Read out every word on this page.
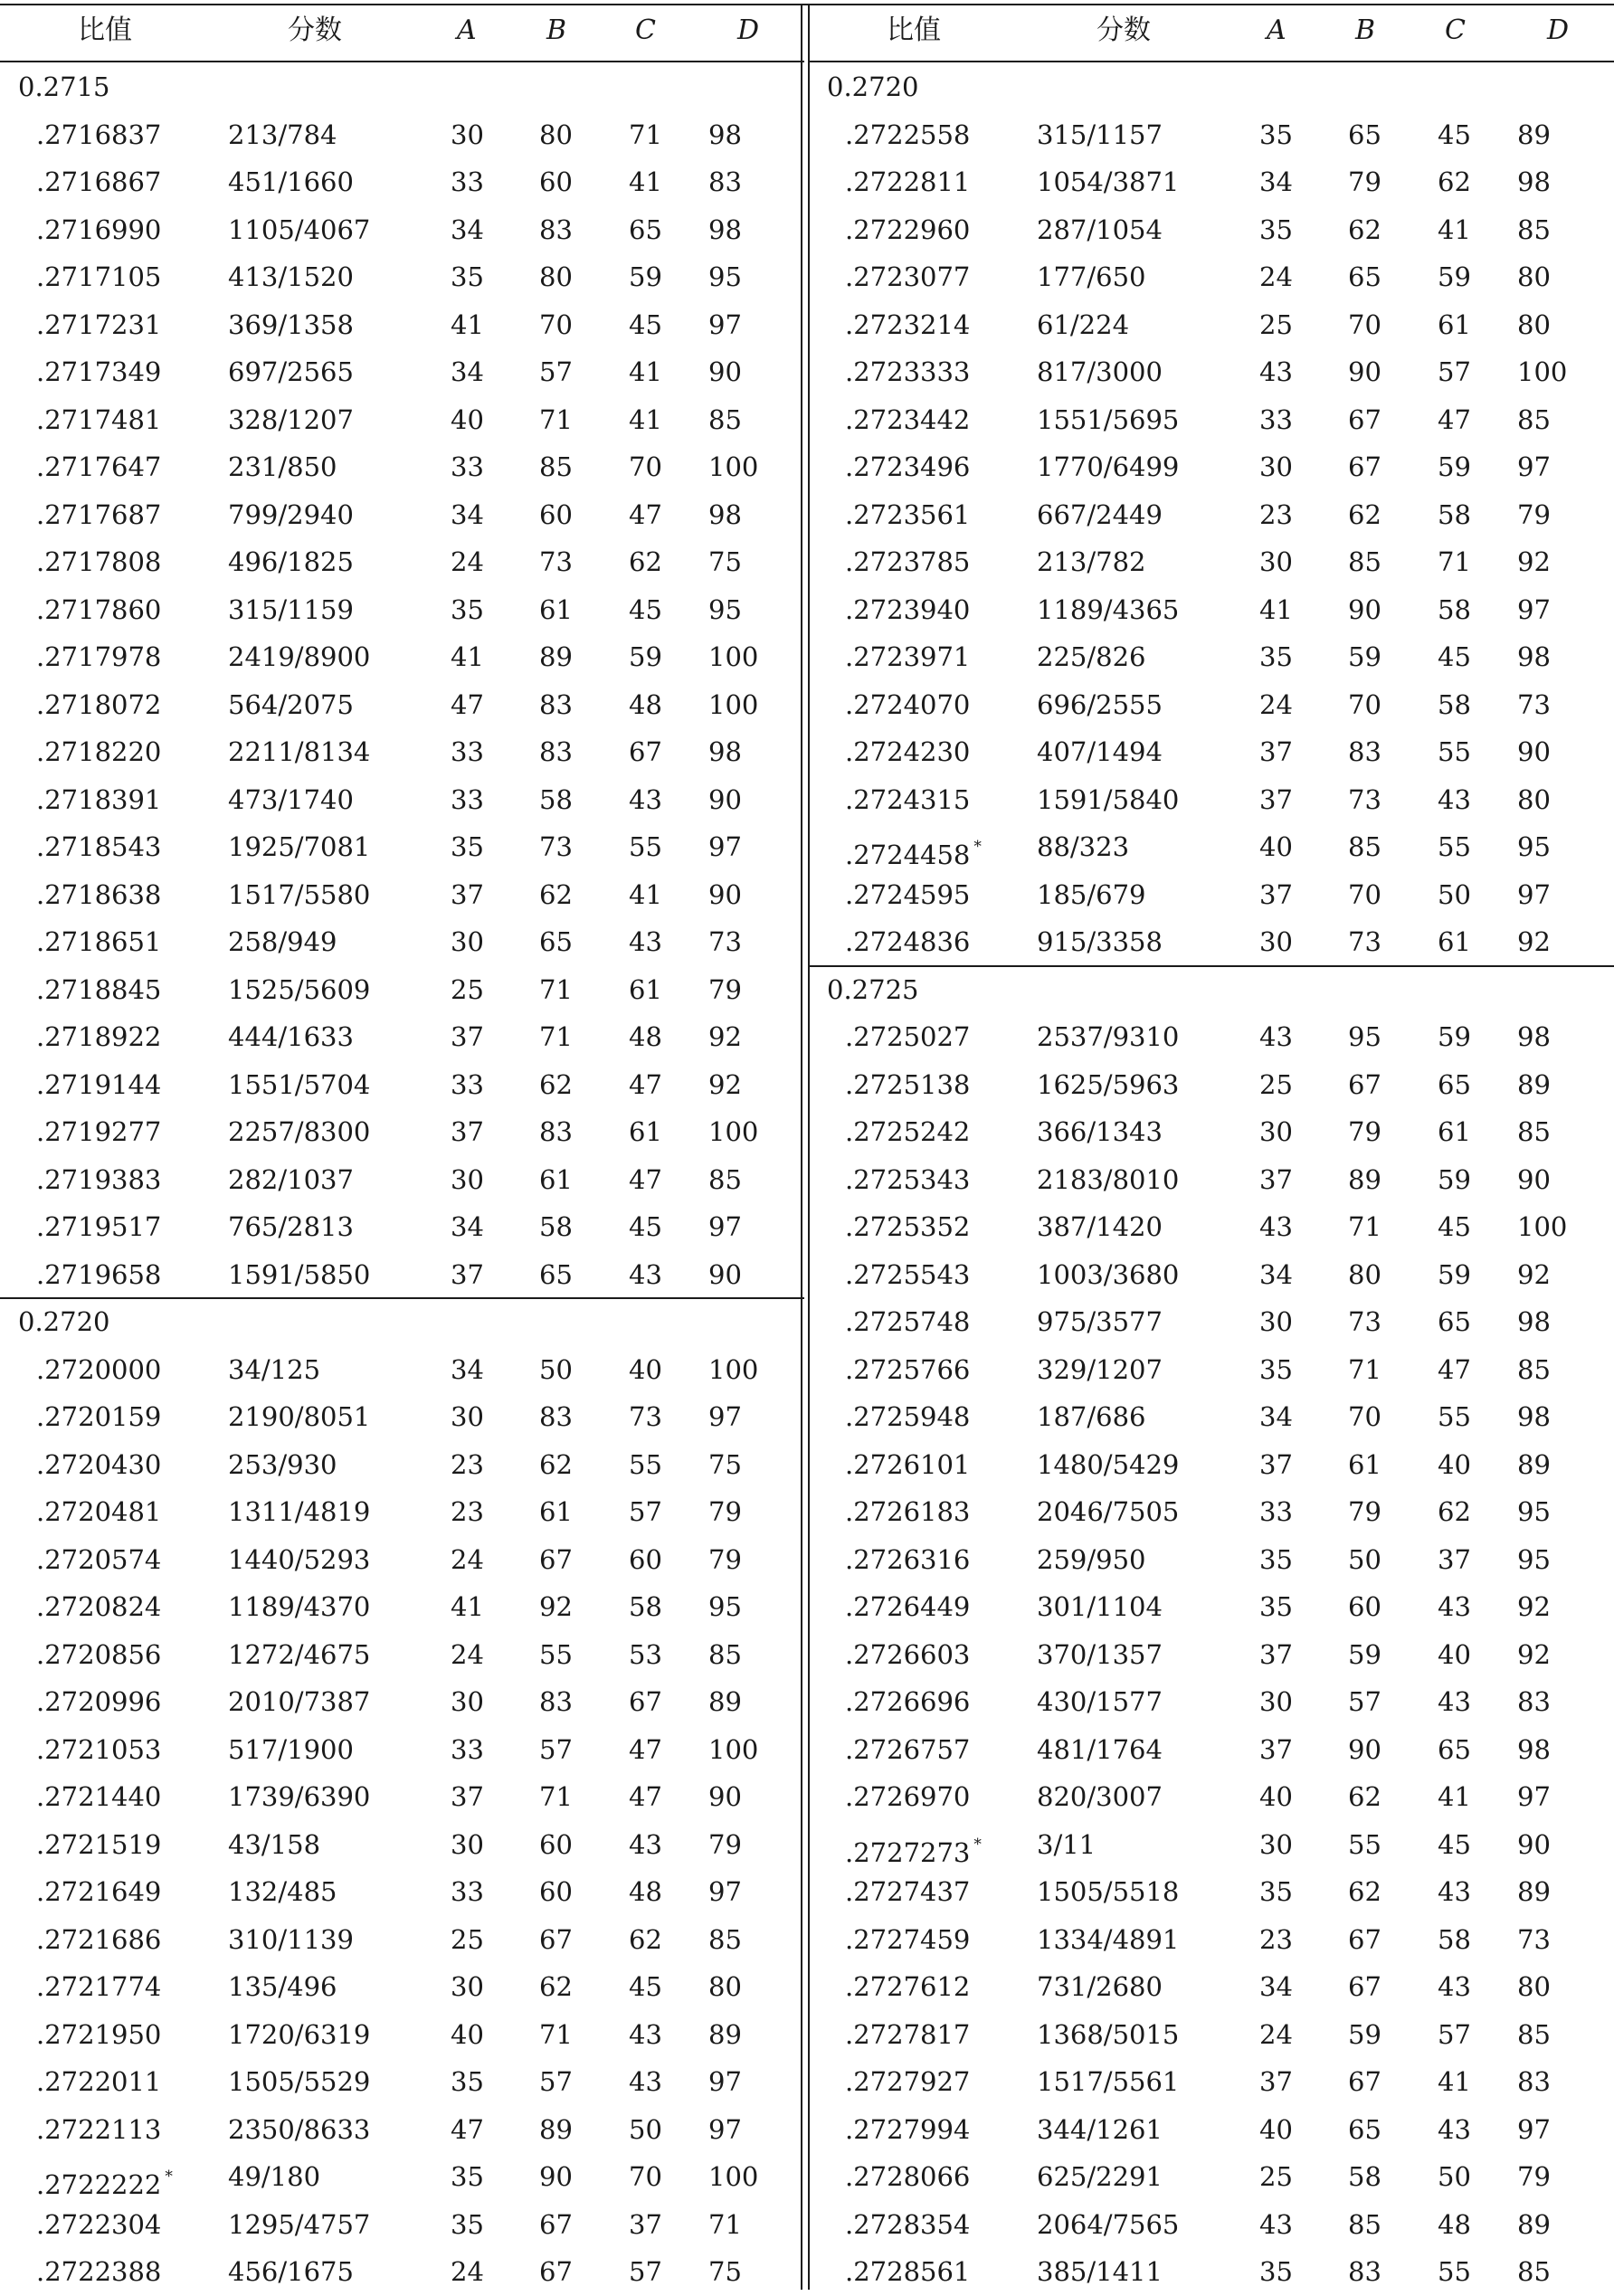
比值	分数	A	B	C	D	比值	分数	A	B	C	D
0.2715
.2716837	213/784	30 80 71 98
.2716867	451/1660	33 60 41 83
.2716990	1105/4067	34 83 65 98
.2717105	413/1520	35 80 59 95
.2717231	369/1358	41 70 45 97
.2717349	697/2565	34 57 41 90
.2717481	328/1207	40 71 41 85
.2717647	231/850	33 85 70 100
.2717687	799/2940	34 60 47 98
.2717808	496/1825	24 73 62 75
.2717860	315/1159	35 61 45 95
.2717978	2419/8900	41 89 59 100
.2718072	564/2075	47 83 48 100
.2718220	2211/8134	33 83 67 98
.2718391	473/1740	33 58 43 90
.2718543	1925/7081	35 73 55 97
.2718638	1517/5580	37 62 41 90
.2718651	258/949	30 65 43 73
.2718845	1525/5609	25 71 61 79
.2718922	444/1633	37 71 48 92
.2719144	1551/5704	33 62 47 92
.2719277	2257/8300	37 83 61 100
.2719383	282/1037	30 61 47 85
.2719517	765/2813	34 58 45 97
.2719658	1591/5850	37 65 43 90
0.2720
.2720000	34/125	34 50 40 100
.2720159	2190/8051	30 83 73 97
.2720430	253/930	23 62 55 75
.2720481	1311/4819	23 61 57 79
.2720574	1440/5293	24 67 60 79
.2720824	1189/4370	41 92 58 95
.2720856	1272/4675	24 55 53 85
.2720996	2010/7387	30 83 67 89
.2721053	517/1900	33 57 47 100
.2721440	1739/6390	37 71 47 90
.2721519	43/158	30 60 43 79
.2721649	132/485	33 60 48 97
.2721686	310/1139	25 67 62 85
.2721774	135/496	30 62 45 80
.2721950	1720/6319	40 71 43 89
.2722011	1505/5529	35 57 43 97
.2722113	2350/8633	47 89 50 97
.2722222 * 49/180	35 90 70 100
.2722304	1295/4757	35 67 37 71
.2722388	456/1675	24 67 57 75
0.2720
.2722558	315/1157	35 65 45 89
.2722811	1054/3871	34 79 62 98
.2722960	287/1054	35 62 41 85
.2723077	177/650	24 65 59 80
.2723214	61/224	25 70 61 80
.2723333	817/3000	43 90 57 100
.2723442	1551/5695	33 67 47 85
.2723496	1770/6499	30 67 59 97
.2723561	667/2449	23 62 58 79
.2723785	213/782	30 85 71 92
.2723940	1189/4365	41 90 58 97
.2723971	225/826	35 59 45 98
.2724070	696/2555	24 70 58 73
.2724230	407/1494	37 83 55 90
.2724315	1591/5840	37 73 43 80
.2724458 * 88/323	40 85 55 95
.2724595	185/679	37 70 50 97
.2724836	915/3358	30 73 61 92
0.2725
.2725027	2537/9310	43 95 59 98
.2725138	1625/5963	25 67 65 89
.2725242	366/1343	30 79 61 85
.2725343	2183/8010	37 89 59 90
.2725352	387/1420	43 71 45 100
.2725543	1003/3680	34 80 59 92
.2725748	975/3577	30 73 65 98
.2725766	329/1207	35 71 47 85
.2725948	187/686	34 70 55 98
.2726101	1480/5429	37 61 40 89
.2726183	2046/7505	33 79 62 95
.2726316	259/950	35 50 37 95
.2726449	301/1104	35 60 43 92
.2726603	370/1357	37 59 40 92
.2726696	430/1577	30 57 43 83
.2726757	481/1764	37 90 65 98
.2726970	820/3007	40 62 41 97
.2727273 * 3/11	30 55 45 90
.2727437	1505/5518	35 62 43 89
.2727459	1334/4891	23 67 58 73
.2727612	731/2680	34 67 43 80
.2727817	1368/5015	24 59 57 85
.2727927	1517/5561	37 67 41 83
.2727994	344/1261	40 65 43 97
.2728066	625/2291	25 58 50 79
.2728354	2064/7565	43 85 48 89
.2728561	385/1411	35 83 55 85
